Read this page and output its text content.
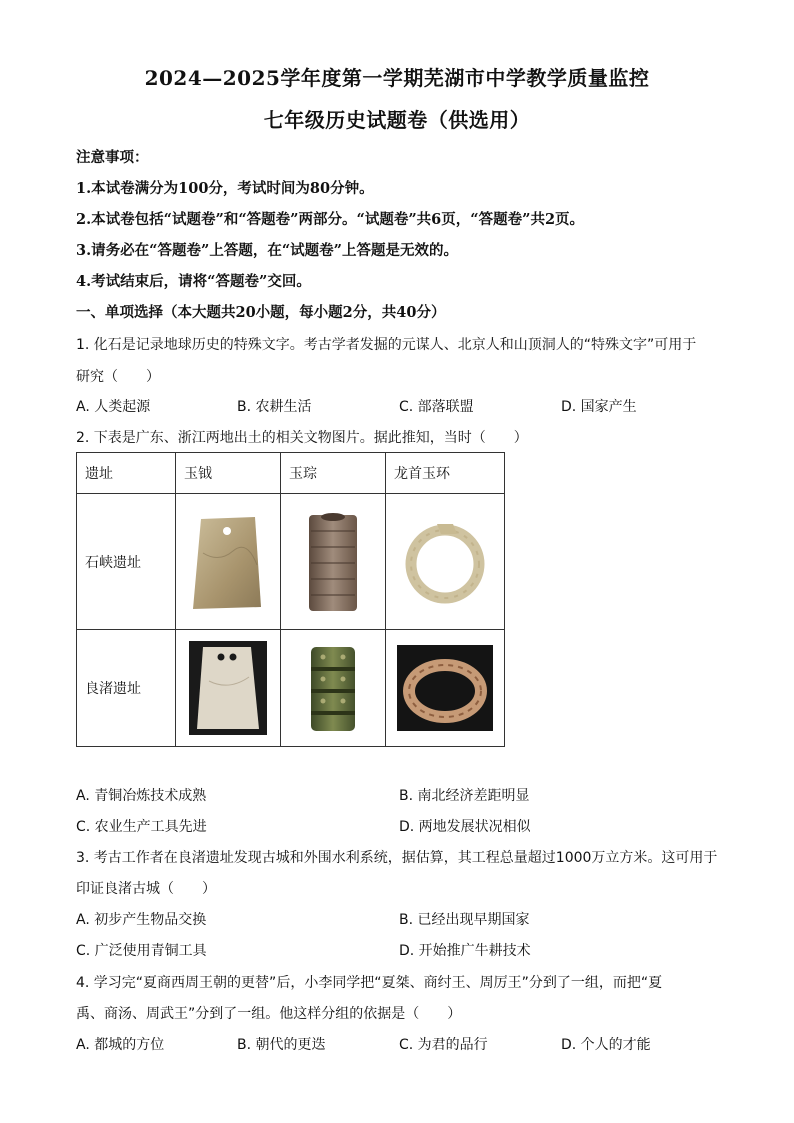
2024—2025学年度第一学期芜湖市中学教学质量监控
七年级历史试题卷（供选用）
注意事项：
1.本试卷满分为100分，考试时间为80分钟。
2.本试卷包括“试题卷”和“答题卷”两部分。“试题卷”共6页，“答题卷”共2页。
3.请务必在“答题卷”上答题，在“试题卷”上答题是无效的。
4.考试结束后，请将“答题卷”交回。
一、单项选择（本大题共20小题，每小题2分，共40分）
1. 化石是记录地球历史的特殊文字。考古学者发掘的元谋人、北京人和山顶洞人的“特殊文字”可用于
研究（　　）
A. 人类起源	B. 农耕生活	C. 部落联盟	D. 国家产生
2. 下表是广东、浙江两地出土的相关文物图片。据此推知，当时（　　）
遗址	玉钺	玉琮	龙首玉环
石峡遗址	

良渚遗址	

A. 青铜冶炼技术成熟	B. 南北经济差距明显
C. 农业生产工具先进	D. 两地发展状况相似
3. 考古工作者在良渚遗址发现古城和外围水利系统，据估算，其工程总量超过1000万立方米。这可用于
印证良渚古城（　　）
A. 初步产生物品交换	B. 已经出现早期国家
C. 广泛使用青铜工具	D. 开始推广牛耕技术
4. 学习完“夏商西周王朝的更替”后，小李同学把“夏桀、商纣王、周厉王”分到了一组，而把“夏
禹、商汤、周武王”分到了一组。他这样分组的依据是（　　）
A. 都城的方位	B. 朝代的更迭	C. 为君的品行	D. 个人的才能
